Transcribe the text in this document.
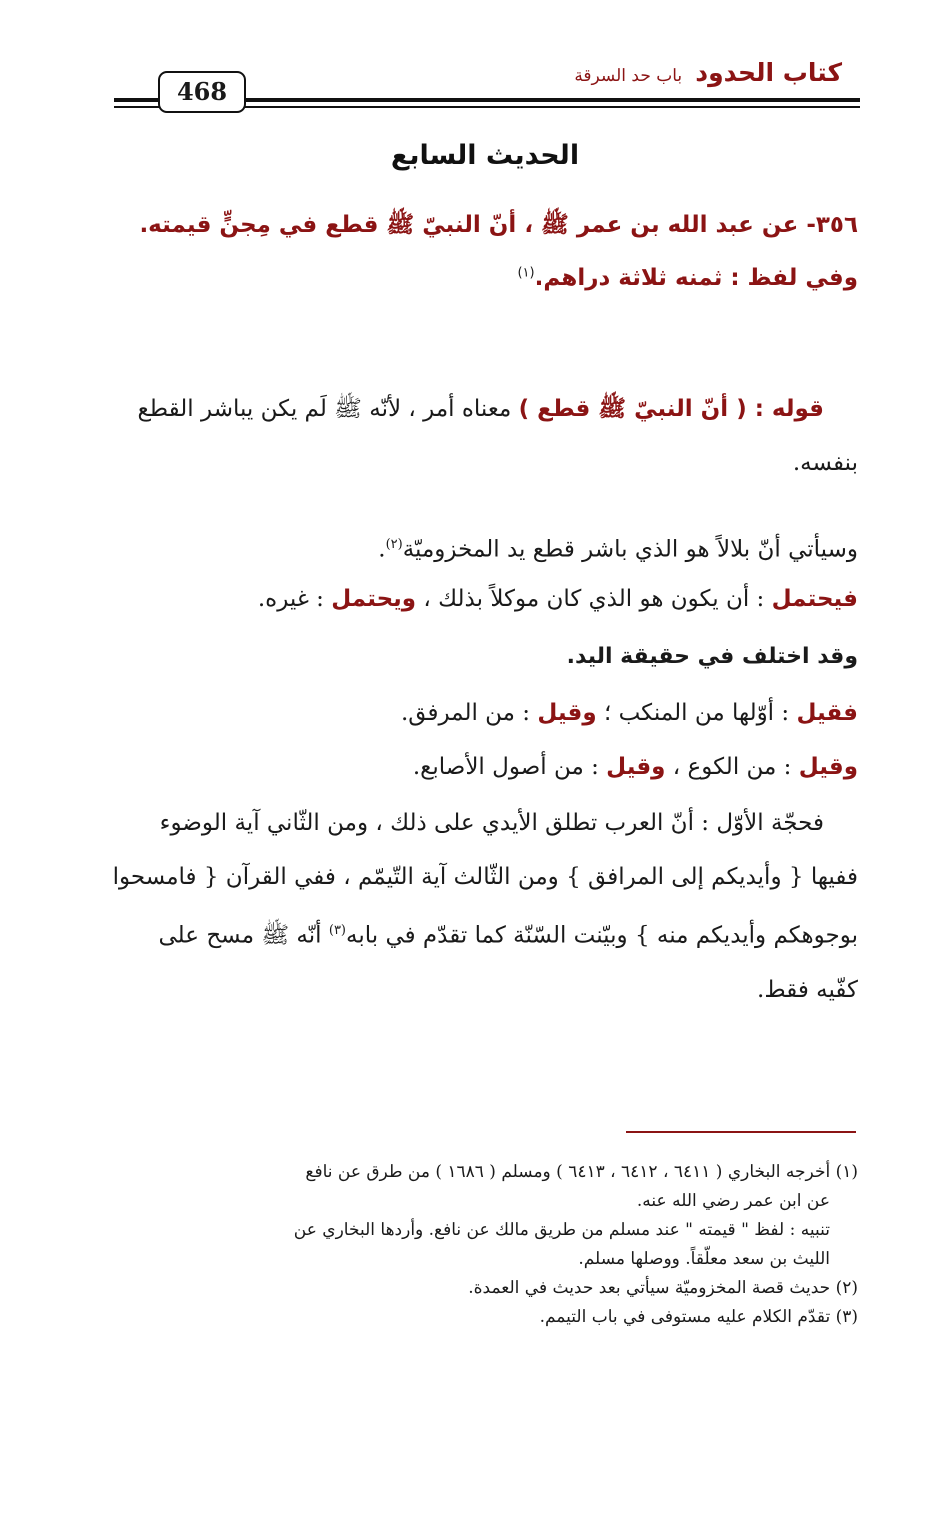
كتاب الحدود باب حد السرقة
468
الحديث السابع
٣٥٦- عن عبد الله بن عمر ﷺ ، أنّ النبيّ ﷺ قطع في مِجنٍّ قيمته.
وفي لفظ : ثمنه ثلاثة دراهم.$^{(١)}$
قوله : ( أنّ النبيّ ﷺ قطع ) معناه أمر ، لأنّه ﷺ لَم يكن يباشر القطع بنفسه.
وسيأتي أنّ بلالاً هو الذي باشر قطع يد المخزوميّة$^{(٢)}$.
فيحتمل : أن يكون هو الذي كان موكلاً بذلك ، ويحتمل : غيره.
وقد اختلف في حقيقة اليد.
فقيل : أوّلها من المنكب ؛ وقيل : من المرفق.
وقيل : من الكوع ، وقيل : من أصول الأصابع.
فحجّة الأوّل : أنّ العرب تطلق الأيدي على ذلك ، ومن الثّاني آية الوضوء ففيها { وأيديكم إلى المرافق } ومن الثّالث آية التّيمّم ، ففي القرآن { فامسحوا بوجوهكم وأيديكم منه } وبيّنت السّنّة كما تقدّم في بابه$^{(٣)}$ أنّه ﷺ مسح على كفّيه فقط.
(١) أخرجه البخاري ( ٦٤١١ ، ٦٤١٢ ، ٦٤١٣ ) ومسلم ( ١٦٨٦ ) من طرق عن نافع
عن ابن عمر رضي الله عنه.
تنبيه : لفظ " قيمته " عند مسلم من طريق مالك عن نافع. وأردها البخاري عن
الليث بن سعد معلّقاً. ووصلها مسلم.
(٢) حديث قصة المخزوميّة سيأتي بعد حديث في العمدة.
(٣) تقدّم الكلام عليه مستوفى في باب التيمم.
